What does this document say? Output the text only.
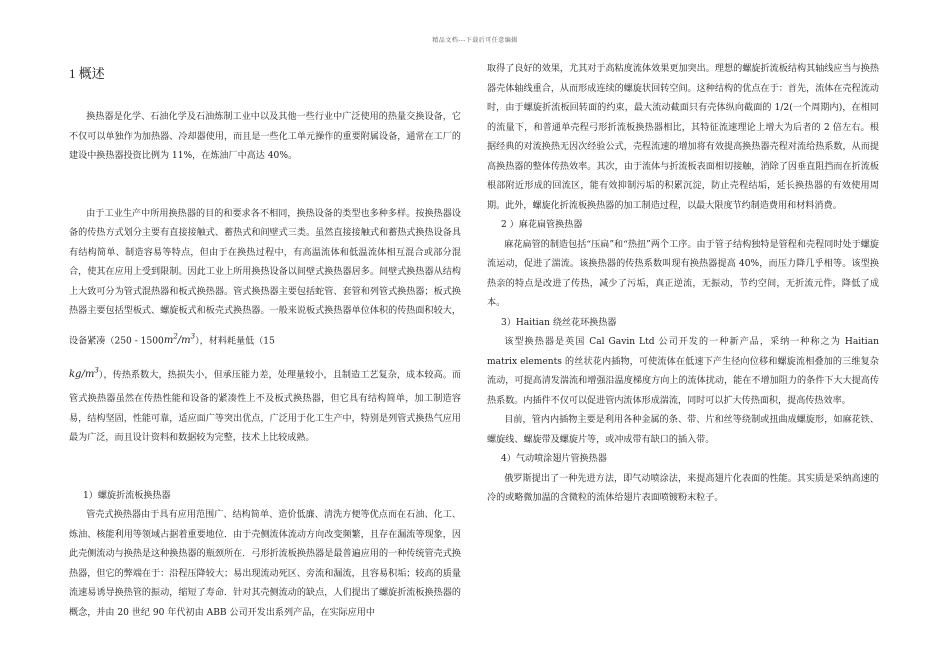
精品文档---下载后可任意编辑
1 概述

换热器是化学、石油化学及石油炼制工业中以及其他一些行业中广泛使用的热量交换设备，它不仅可以单独作为加热器、冷却器使用，而且是一些化工单元操作的重要附属设备，通常在工厂的建设中换热器投资比例为 11%，在炼油厂中高达 40%。

由于工业生产中所用换热器的目的和要求各不相同，换热设备的类型也多种多样。按换热器设备的传热方式划分主要有直接接触式、蓄热式和间壁式三类。虽然直接接触式和蓄热式换热设备具有结构简单、制造容易等特点，但由于在换热过程中，有高温流体和低温流体相互混合或部分混合，使其在应用上受到限制。因此工业上所用换热设备以间壁式换热器居多。间壁式换热器从结构上大致可分为管式混热器和板式换热器。管式换热器主要包括蛇管、套管和列管式换热器；板式换热器主要包括型板式、螺旋板式和板壳式换热器。一般来说板式换热器单位体积的传热面积较大，设备紧凑$(250 - 1500m^2/m^3)$，材料耗量低（15
$kg/m^3$），传热系数大，热损失小，但承压能力差，处理量较小，且制造工艺复杂，成本较高。而管式换热器虽然在传热性能和设备的紧凑性上不及板式换热器，但它具有结构简单，加工制造容易，结构坚固，性能可靠，适应面广等突出优点，广泛用于化工生产中，特别是列管式换热气应用最为广泛，而且设计资料和数据较为完整，技术上比较成熟。

1）螺旋折流板换热器

管壳式换热器由于具有应用范围广、结构简单、造价低廉、清洗方便等优点而在石油、化工、炼油、核能利用等领域占据着重要地位．由于壳侧流体流动方向改变频繁，且存在漏流等现象，因此壳侧流动与换热是这种换热器的瓶颈所在．弓形折流板换热器是最普遍应用的一种传统管壳式换热器，但它的弊端在于：沿程压降较大；易出现流动死区、旁流和漏流，且容易积垢；较高的质量流速易诱导换热管的振动，缩短了寿命．针对其壳侧流动的缺点，人们提出了螺旋折流板换热器的概念，并由 20 世纪 90 年代初由 ABB 公司开发出系列产品，在实际应用中

取得了良好的效果，尤其对于高粘度流体效果更加突出。理想的螺旋折流板结构其轴线应当与换热器壳体轴线重合，从而形成连续的螺旋状回转空间。这种结构的优点在于：首先，流体在壳程流动时，由于螺旋折流板回转面的约束，最大流动截面只有壳体纵向截面的 1/2(一个周期内)，在相同的流量下，和普通单壳程弓形折流板换热器相比，其特征流速理论上增大为后者的 2 倍左右。根据经典的对流换热无因次经验公式，壳程流速的增加将有效提高换热器壳程对流给热系数，从而提高换热器的整体传热效率。其次，由于流体与折流板表面相切接触，消除了因垂直阻挡而在折流板根部附近形成的回流区，能有效抑制污垢的积累沉淀，防止壳程结垢，延长换热器的有效使用周期。此外，螺旋化折流板换热器的加工制造过程，以最大限度节约制造费用和材料消费。

2 ）麻花扁管换热器

麻花扁管的制造包括“压扁”和“热扭”两个工序。由于管子结构独特是管程和壳程同时处于螺旋流运动，促进了湍流。该换热器的传热系数叫现有换热器提高 40%，而压力降几乎相等。该型换热亲的特点是改进了传热，减少了污垢，真正逆流，无振动，节约空间，无折流元件，降低了成本。

3）Haitian 绕丝花环换热器

该型换热器是英国 Cal Gavin Ltd 公司开发的一种新产品，采纳一种称之为 Haitian matrix elements 的丝状花内插物，可使流体在低速下产生径向位移和螺旋流相叠加的三维复杂流动，可提高清发湍流和增强沿温度梯度方向上的流体扰动，能在不增加阻力的条件下大大提高传热系数。内插件不仅可以促进管内流体形成湍流，同时可以扩大传热面积，提高传热效率。

目前，管内内插物主要是利用各种金属的条、带、片和丝等绕制或扭曲成螺旋形，如麻花铁、螺旋线、螺旋带及螺旋片等，或冲成带有缺口的插入带。

4）气动喷涂翅片管换热器

俄罗斯提出了一种先进方法，即气动喷涂法，来提高翅片化表面的性能。其实质是采纳高速的冷的或略微加温的含微粒的流体给翅片表面喷镀粉末粒子。
